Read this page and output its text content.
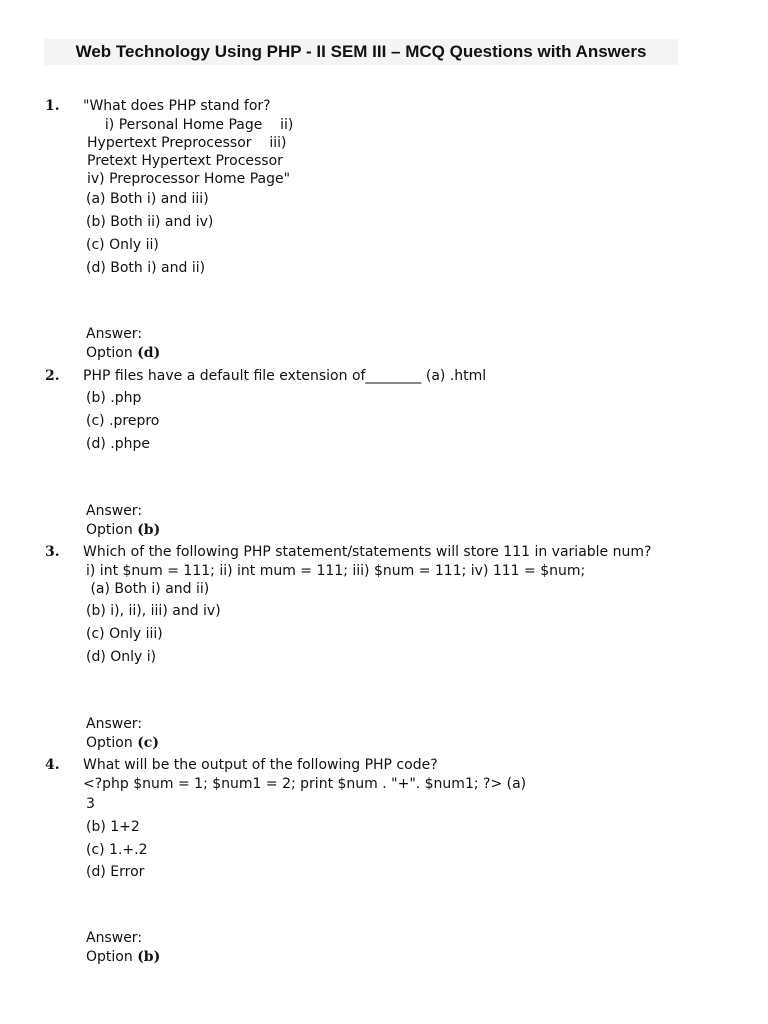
Web Technology Using PHP - II SEM III – MCQ Questions with Answers
1. "What does PHP stand for?
i) Personal Home Page    ii)
Hypertext Preprocessor    iii)
Pretext Hypertext Processor
iv) Preprocessor Home Page"
(a) Both i) and iii)
(b) Both ii) and iv)
(c) Only ii)
(d) Both i) and ii)
Answer:
Option (d)
2. PHP files have a default file extension of________ (a) .html
(b) .php
(c) .prepro
(d) .phpe
Answer:
Option (b)
3. Which of the following PHP statement/statements will store 111 in variable num?
i) int $num = 111; ii) int mum = 111; iii) $num = 111; iv) 111 = $num;
(a) Both i) and ii)
(b) i), ii), iii) and iv)
(c) Only iii)
(d) Only i)
Answer:
Option (c)
4. What will be the output of the following PHP code?
<?php $num = 1; $num1 = 2; print $num . "+". $num1; ?> (a)
3
(b) 1+2
(c) 1.+.2
(d) Error
Answer:
Option (b)
